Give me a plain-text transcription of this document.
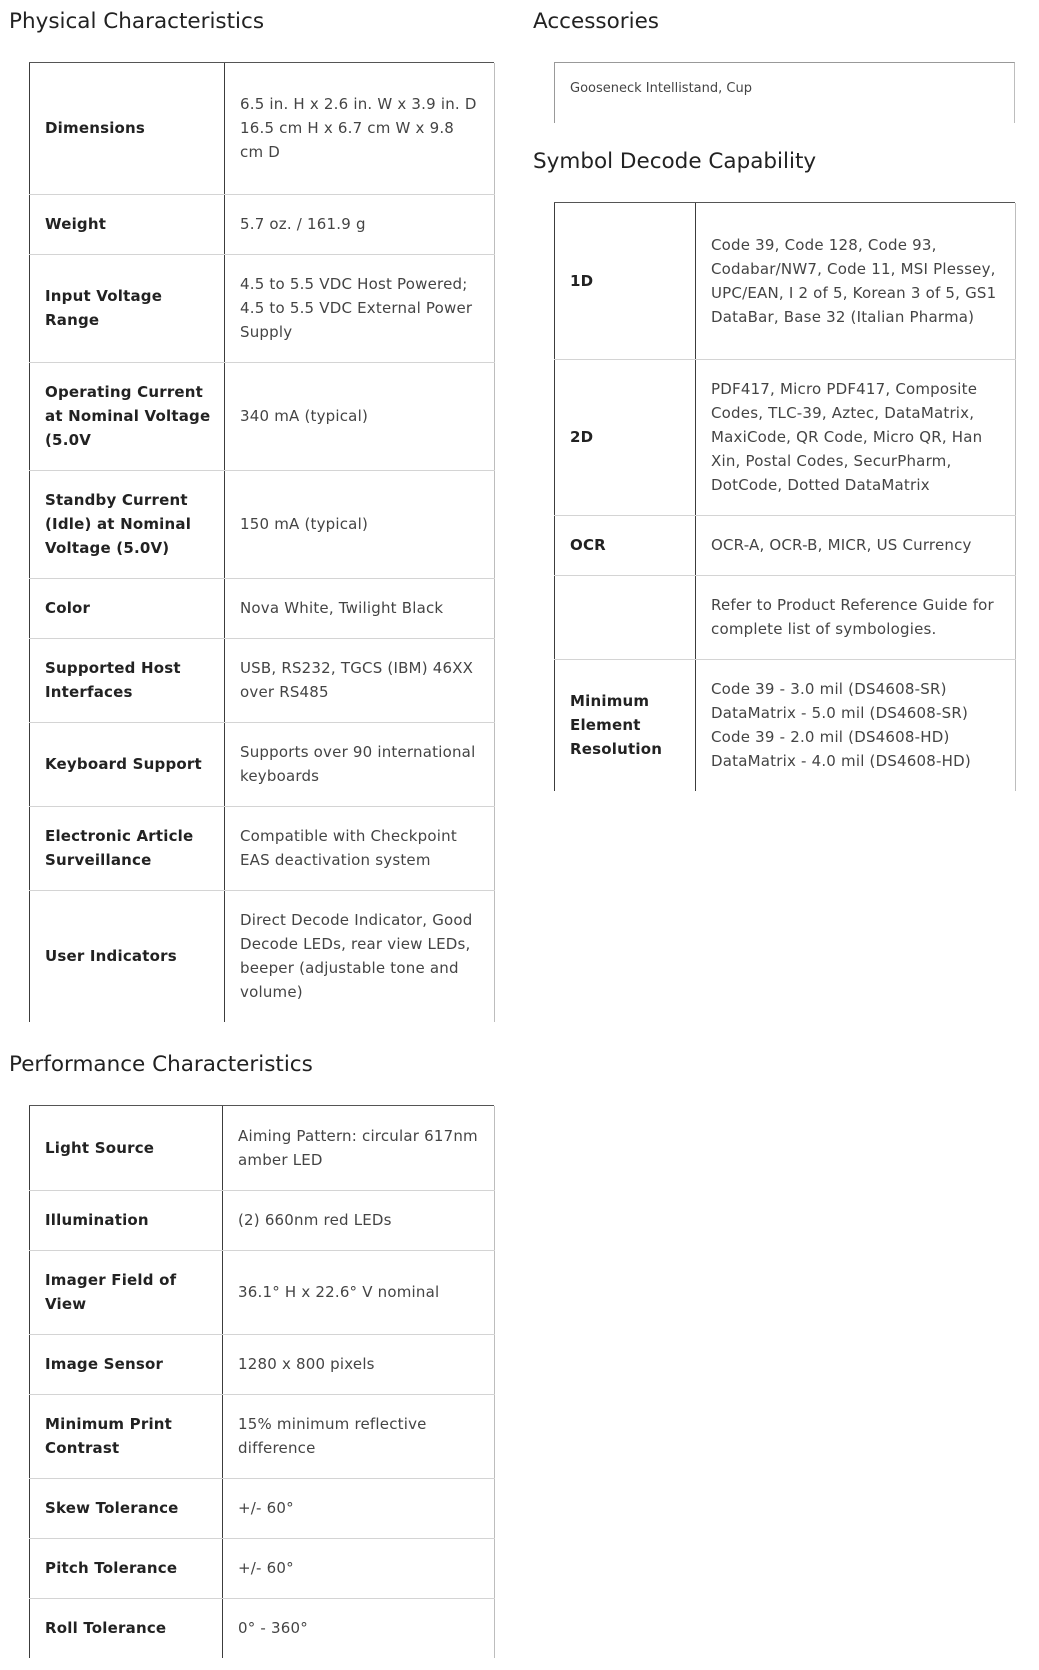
Physical Characteristics
Dimensions	6.5 in. H x 2.6 in. W x 3.9 in. D
16.5 cm H x 6.7 cm W x 9.8 cm D
Weight	5.7 oz. / 161.9 g
Input Voltage Range	4.5 to 5.5 VDC Host Powered; 4.5 to 5.5 VDC External Power Supply
Operating Current at Nominal Voltage (5.0V	340 mA (typical)
Standby Current (Idle) at Nominal Voltage (5.0V)	150 mA (typical)
Color	Nova White, Twilight Black
Supported Host Interfaces	USB, RS232, TGCS (IBM) 46XX over RS485
Keyboard Support	Supports over 90 international keyboards
Electronic Article Surveillance	Compatible with Checkpoint EAS deactivation system
User Indicators	Direct Decode Indicator, Good Decode LEDs, rear view LEDs, beeper (adjustable tone and volume)
Performance Characteristics
Light Source	Aiming Pattern: circular 617nm amber LED
Illumination	(2) 660nm red LEDs
Imager Field of View	36.1° H x 22.6° V nominal
Image Sensor	1280 x 800 pixels
Minimum Print Contrast	15% minimum reflective difference
Skew Tolerance	+/- 60°
Pitch Tolerance	+/- 60°
Roll Tolerance	0° - 360°
Accessories
Gooseneck Intellistand, Cup
Symbol Decode Capability
1D	Code 39, Code 128, Code 93, Codabar/NW7, Code 11, MSI Plessey, UPC/EAN, I 2 of 5, Korean 3 of 5, GS1 DataBar, Base 32 (Italian Pharma)
2D	PDF417, Micro PDF417, Composite Codes, TLC-39, Aztec, DataMatrix, MaxiCode, QR Code, Micro QR, Han Xin, Postal Codes, SecurPharm, DotCode, Dotted DataMatrix
OCR	OCR-A, OCR-B, MICR, US Currency
	Refer to Product Reference Guide for complete list of symbologies.
Minimum Element Resolution	Code 39 - 3.0 mil (DS4608-SR)
DataMatrix - 5.0 mil (DS4608-SR)
Code 39 - 2.0 mil (DS4608-HD)
DataMatrix - 4.0 mil (DS4608-HD)
